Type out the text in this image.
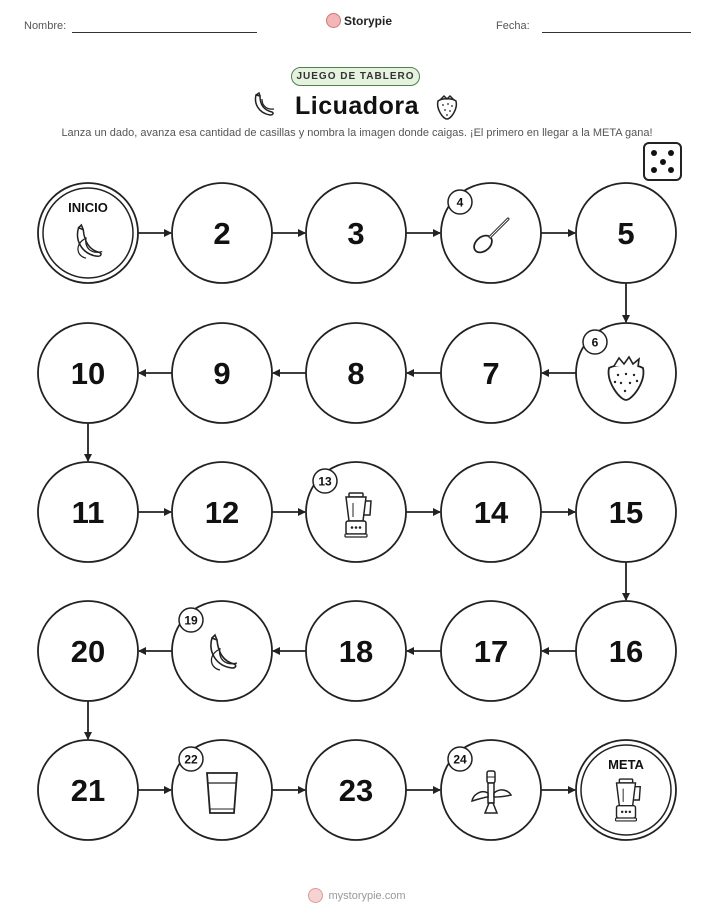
Nombre:	Storypie	Fecha:
JUEGO DE TABLERO
Licuadora
Lanza un dado, avanza esa cantidad de casillas y nombra la imagen donde caigas. ¡El primero en llegar a la META gana!
INICIO
2	3
4
5
6
7
8
9
10
11	12
13
14	15
16
17
18
19
20
21
22
23
24	META
mystorypie.com
